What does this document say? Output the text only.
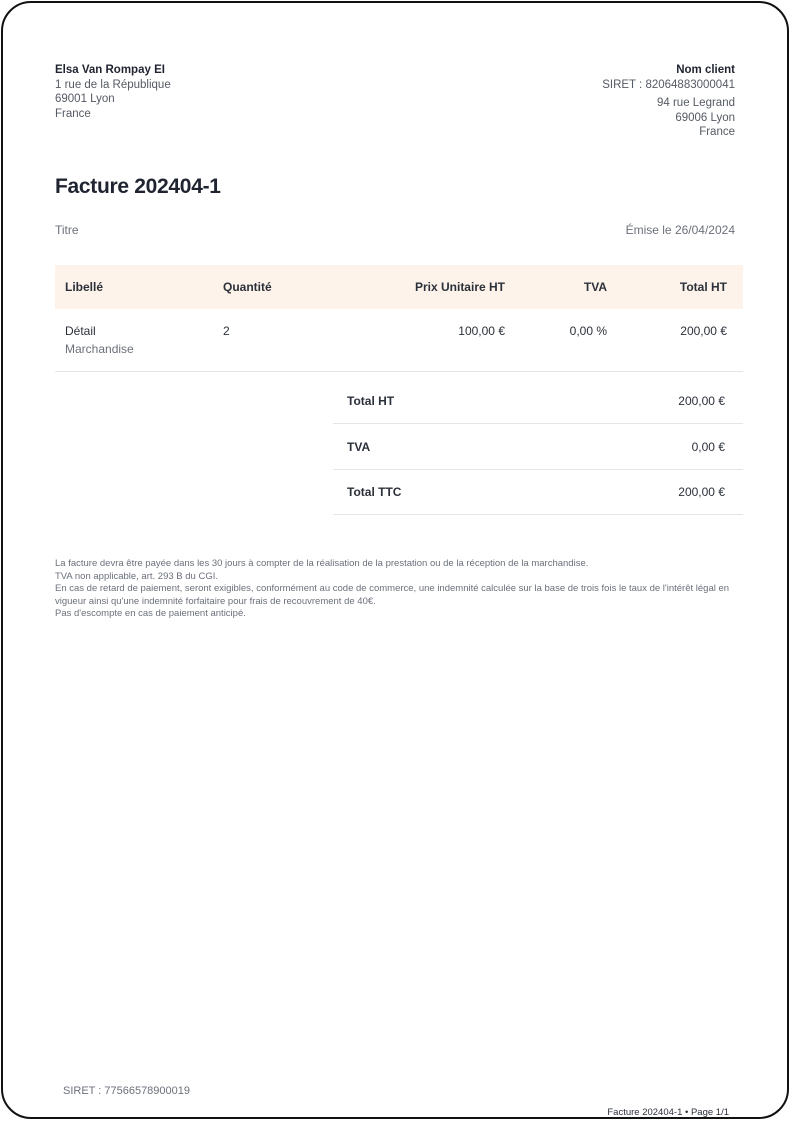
Elsa Van Rompay EI
1 rue de la République
69001 Lyon
France
Nom client
SIRET : 82064883000041
94 rue Legrand
69006 Lyon
France
Facture 202404-1
Titre	Émise le 26/04/2024
Libellé	Quantité	Prix Unitaire HT	TVA	Total HT
Détail
Marchandise
2	100,00 €	0,00 %	200,00 €
Total HT	200,00 €
TVA	0,00 €
Total TTC	200,00 €

La facture devra être payée dans les 30 jours à compter de la réalisation de la prestation ou de la réception de la marchandise.

TVA non applicable, art. 293 B du CGI.

En cas de retard de paiement, seront exigibles, conformément au code de commerce, une indemnité calculée sur la base de trois fois le taux de l'intérêt légal en vigueur ainsi qu'une indemnité forfaitaire pour frais de recouvrement de 40€.

Pas d'escompte en cas de paiement anticipé.

SIRET : 77566578900019
Facture 202404-1 • Page 1/1
